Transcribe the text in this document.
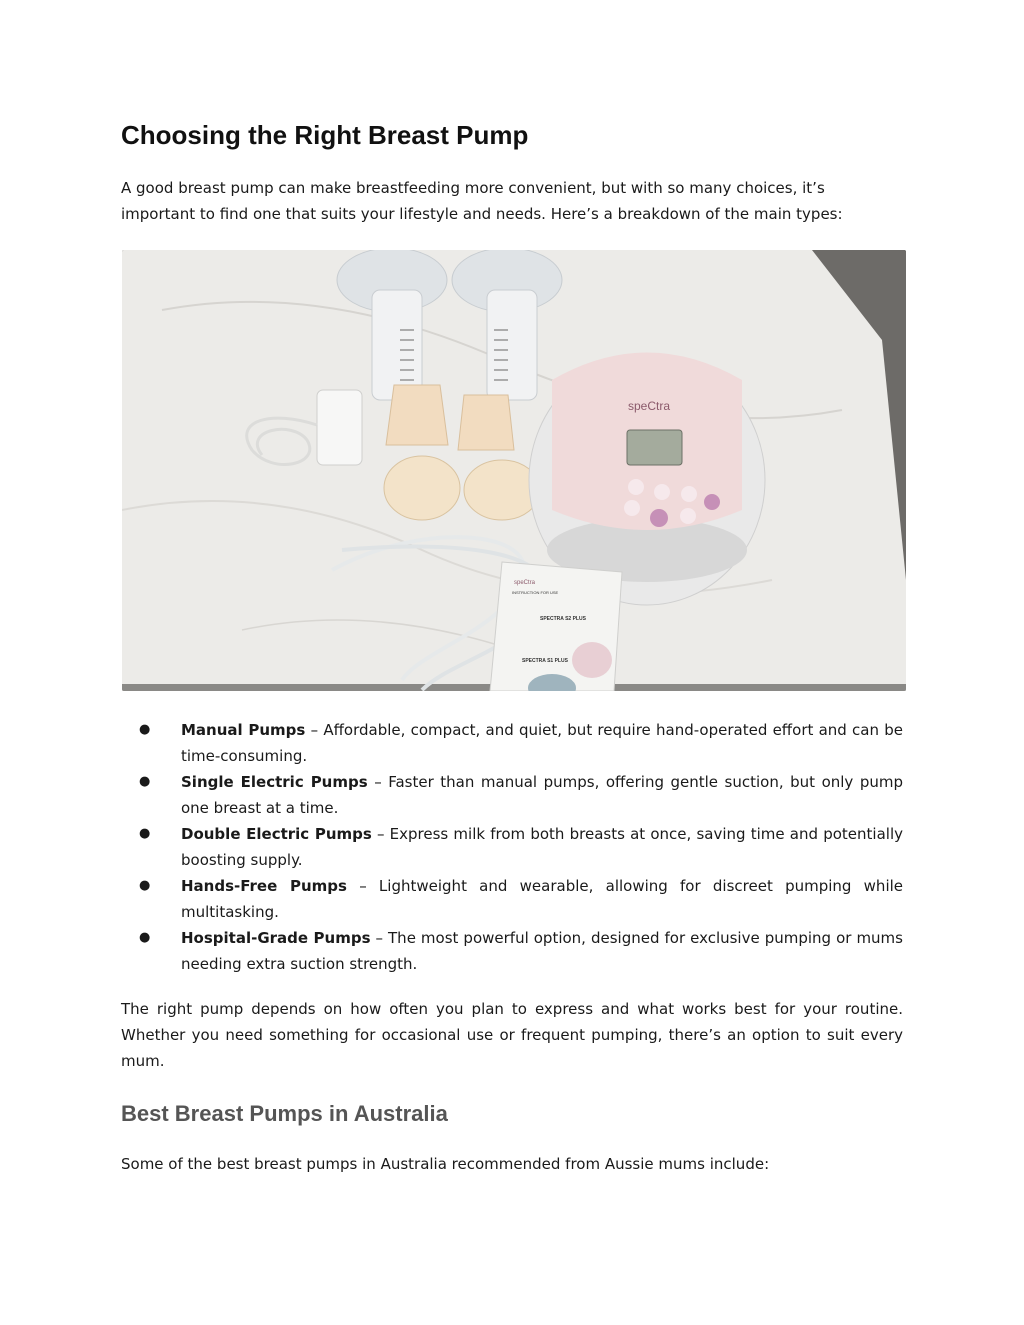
Choosing the Right Breast Pump

A good breast pump can make breastfeeding more convenient, but with so many choices, it’s important to find one that suits your lifestyle and needs. Here’s a breakdown of the main types:

speCtra
speCtra
INSTRUCTION FOR USE
SPECTRA S2 PLUS
SPECTRA S1 PLUS
● Manual Pumps – Affordable, compact, and quiet, but require hand-operated effort and can be time-consuming.
● Single Electric Pumps – Faster than manual pumps, offering gentle suction, but only pump one breast at a time.
● Double Electric Pumps – Express milk from both breasts at once, saving time and potentially boosting supply.
● Hands-Free Pumps – Lightweight and wearable, allowing for discreet pumping while multitasking.
● Hospital-Grade Pumps – The most powerful option, designed for exclusive pumping or mums needing extra suction strength.

The right pump depends on how often you plan to express and what works best for your routine. Whether you need something for occasional use or frequent pumping, there’s an option to suit every mum.

Best Breast Pumps in Australia

Some of the best breast pumps in Australia recommended from Aussie mums include:
